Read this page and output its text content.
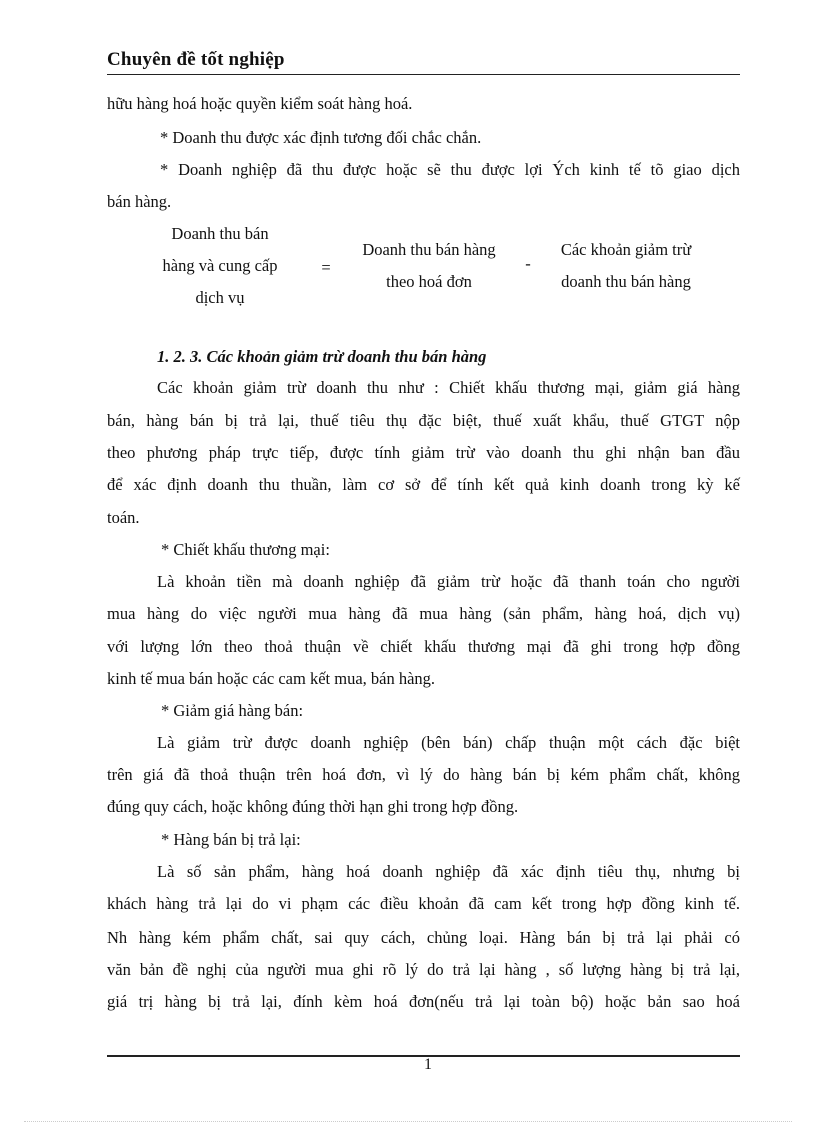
Chuyên đề tốt nghiệp
hữu hàng hoá hoặc quyền kiểm soát hàng hoá.
* Doanh thu được xác định tương đối chắc chắn.
* Doanh nghiệp đã thu được hoặc sẽ thu được lợi Ých kinh tế tõ giao dịch
bán hàng.
Doanh thu bán
hàng và cung cấp
dịch vụ
=
Doanh thu bán hàng
theo hoá đơn
-
Các khoản giảm trừ
doanh thu bán hàng
1. 2. 3. Các khoản giảm trừ doanh thu bán hàng
Các khoản giảm trừ doanh thu như : Chiết khấu thương mại, giảm giá hàng
bán, hàng bán bị trả lại, thuế tiêu thụ đặc biệt, thuế xuất khẩu, thuế GTGT nộp
theo phương pháp trực tiếp, được tính giảm trừ vào doanh thu ghi nhận ban đầu
để xác định doanh thu thuần, làm cơ sở để tính kết quả kinh doanh trong kỳ kế
toán.
* Chiết khấu thương mại:
Là khoản tiền mà doanh nghiệp đã giảm trừ hoặc đã thanh toán cho người
mua hàng do việc người mua hàng đã mua hàng (sản phẩm, hàng hoá, dịch vụ)
với lượng lớn theo thoả thuận về chiết khấu thương mại đã ghi trong hợp đồng
kinh tế mua bán hoặc các cam kết mua, bán hàng.
* Giảm giá hàng bán:
Là giảm trừ được doanh nghiệp (bên bán) chấp thuận một cách đặc biệt
trên giá đã thoả thuận trên hoá đơn, vì lý do hàng bán bị kém phẩm chất, không
đúng quy cách, hoặc không đúng thời hạn ghi trong hợp đồng.
* Hàng bán bị trả lại:
Là số sản phẩm, hàng hoá doanh nghiệp đã xác định tiêu thụ, nhưng bị
khách hàng trả lại do vi phạm các điều khoản đã cam kết trong hợp đồng kinh tế.
Nh hàng kém phẩm chất, sai quy cách, chủng loại. Hàng bán bị trả lại phải có
văn bản đề nghị của người mua ghi rõ lý do trả lại hàng , số lượng hàng bị trả lại,
giá trị hàng bị trả lại, đính kèm hoá đơn(nếu trả lại toàn bộ) hoặc bản sao hoá
1
